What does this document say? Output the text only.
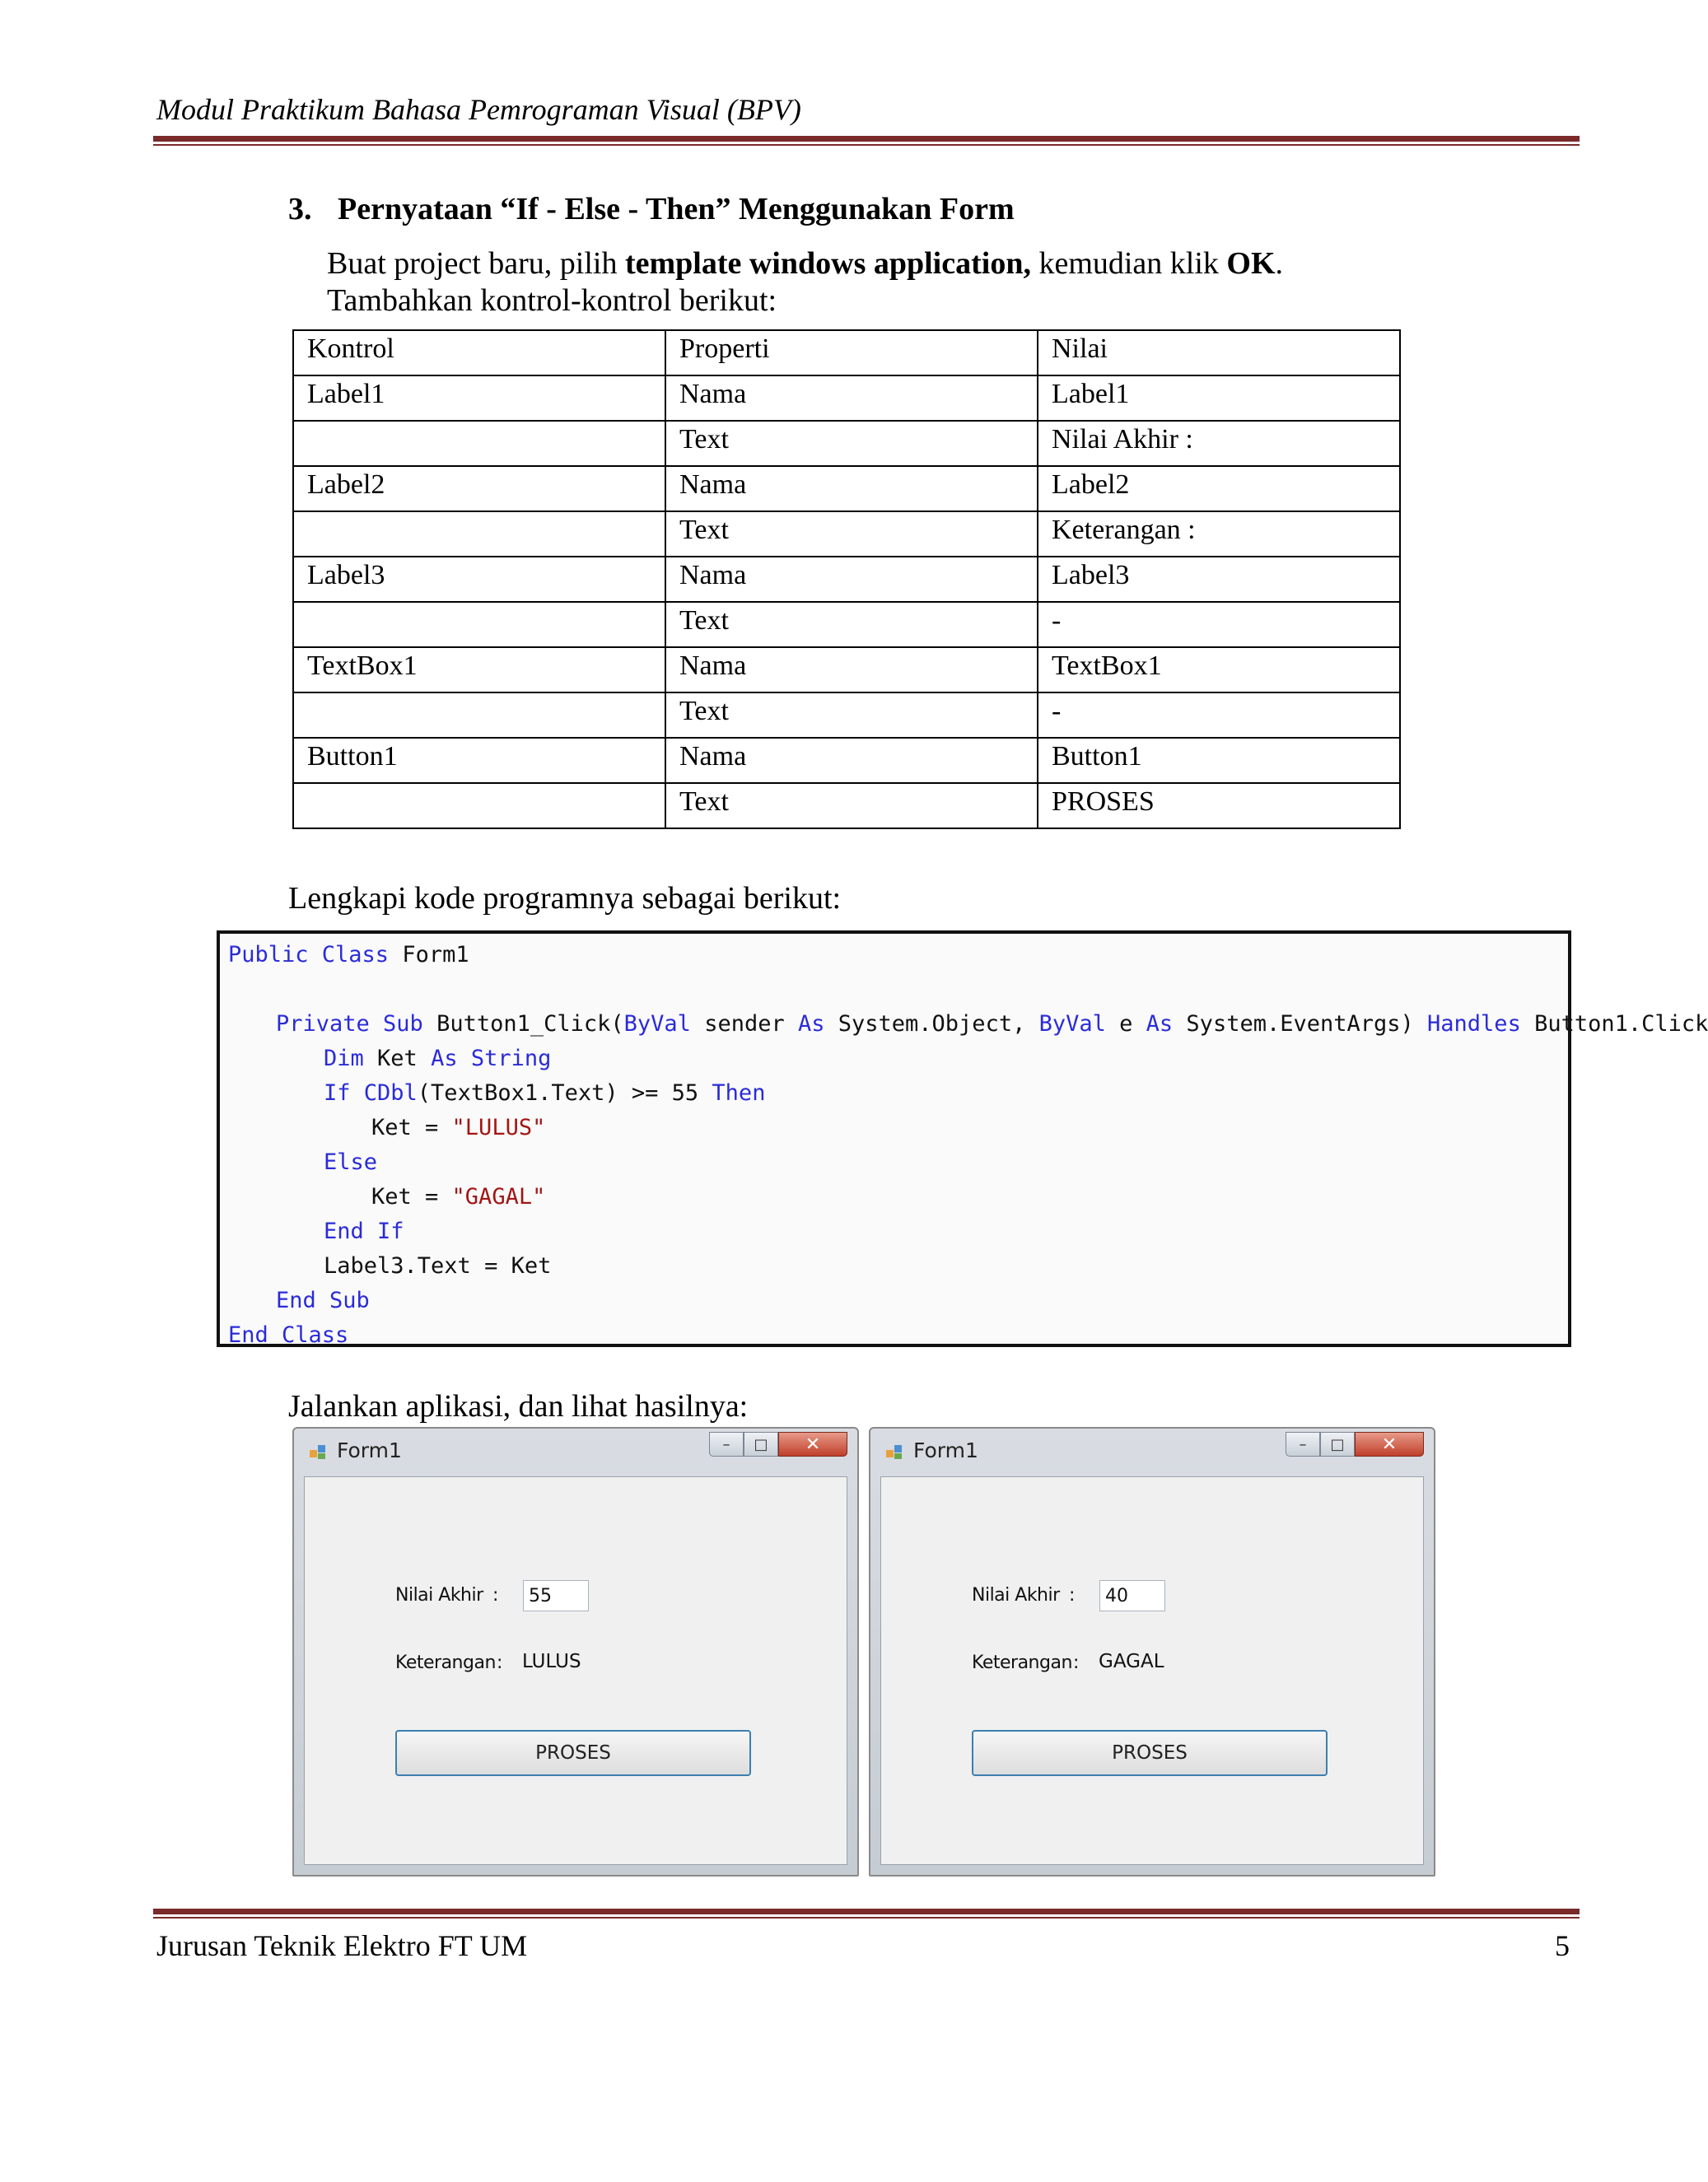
Modul Praktikum Bahasa Pemrograman Visual (BPV)
3. Pernyataan “If - Else - Then” Menggunakan Form
Buat project baru, pilih template windows application, kemudian klik OK.
Tambahkan kontrol-kontrol berikut:
Kontrol	Properti	Nilai
Label1	Nama	Label1
	Text	Nilai Akhir :
Label2	Nama	Label2
	Text	Keterangan :
Label3	Nama	Label3
	Text	-
TextBox1	Nama	TextBox1
	Text	-
Button1	Nama	Button1
	Text	PROSES
Lengkapi kode programnya sebagai berikut:
Public Class Form1
Private Sub Button1_Click(ByVal sender As System.Object, ByVal e As System.EventArgs) Handles Button1.Click
Dim Ket As String
If CDbl(TextBox1.Text) >= 55 Then
Ket = "LULUS"
Else
Ket = "GAGAL"
End If
Label3.Text = Ket
End Sub
End Class
Jalankan aplikasi, dan lihat hasilnya:
Form1	– □ ✕
Nilai Akhir :	55
Keterangan : LULUS
PROSES
Form1	– □ ✕
Nilai Akhir :	40
Keterangan : GAGAL
PROSES
Jurusan Teknik Elektro FT UM	5
